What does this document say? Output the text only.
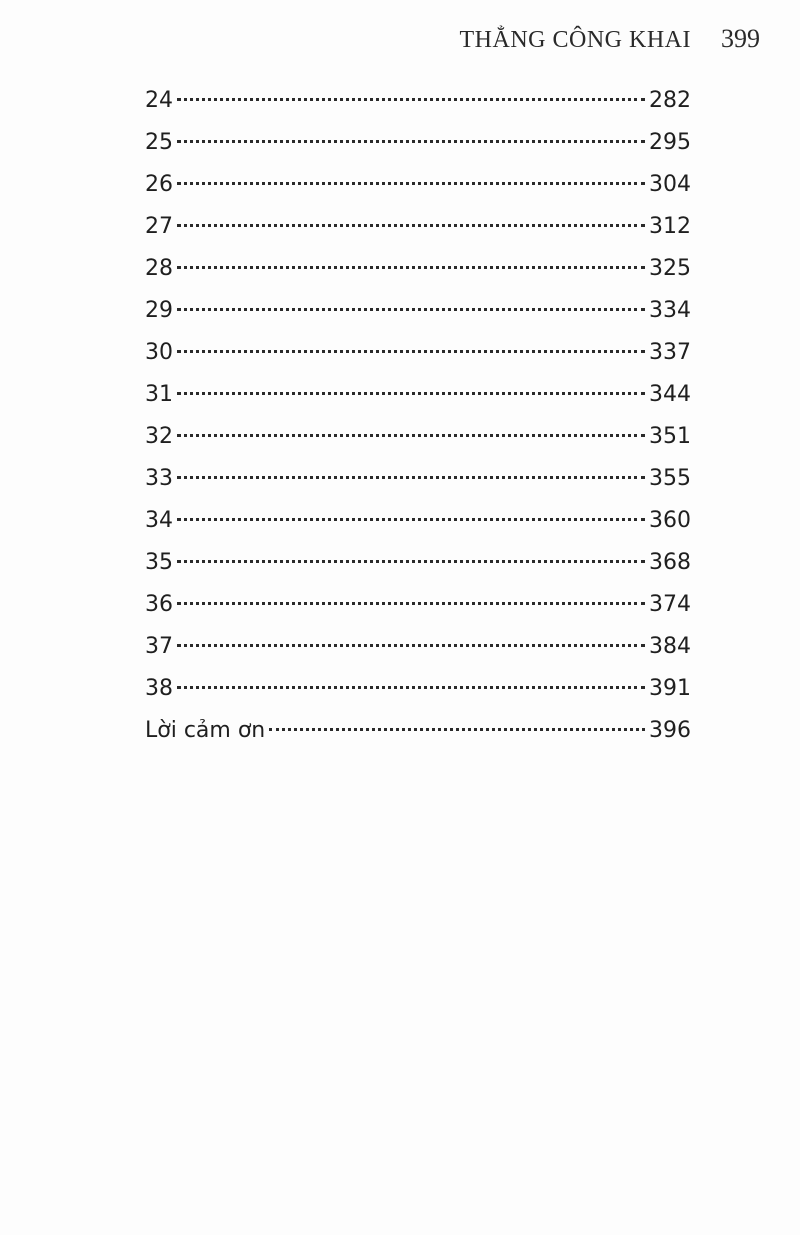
THẲNG CÔNG KHAI 399
24	282
25	295
26	304
27	312
28	325
29	334
30	337
31	344
32	351
33	355
34	360
35	368
36	374
37	384
38	391
Lời cảm ơn	396
